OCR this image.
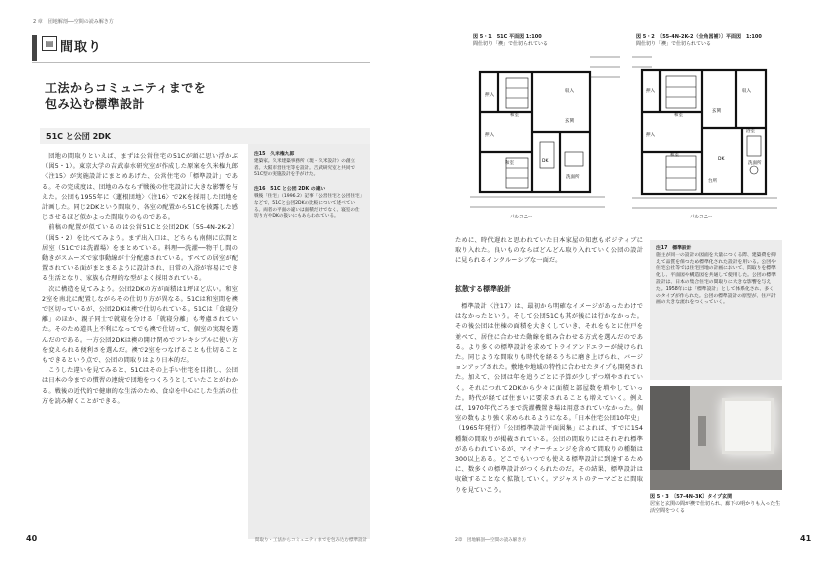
2 章　団地解剖──空間の読み解き方
▤ 間取り
工法からコミュニティまでを
包み込む標準設計
51C と公団 2DK

団地の間取りといえば、まずは公営住宅の51Cが頭に思い浮かぶ（図5・1）。東京大学の吉武泰水研究室が作成した原案を久米権九郎〈注15〉が実施設計にまとめあげた、公営住宅の「標準設計」である。その完成度は、団地のみならず戦後の住宅設計に大きな影響を与えた。公団も1955年に〈蓮根団地〉〈注16〉で2Kを採用した団地を計画した。同じ2DKという間取り、各室の配置から51Cを披露した感じさせるほど似かよった間取りのものである。

前稿の配置が似ているのは公営51Cと公団2DK〔55-4N-2K-2〕（図5・2）を比べてみよう。まず出入口は、どちらも南側に広間と居室（51Cでは洗濯場）をまとめている。料理──洗濯──物干し間の動きがスムーズで家事動線が十分配慮されている。すべての居室が配置されている面がまとまるように設計され、日常の入浴が容易にできる生活となり、家族も合理的な型がよく採用されている。

次に構造を見てみよう。公団2DKの方が面積は1坪ほど広い。和室2室を南北に配置しながらその仕切り方が異なる。51Cは和室間を襖で区切っているが、公団2DKは襖で仕切られている。51Cは「食寝分離」のほか、親子同士で就寝を分ける「就寝分離」も考慮されていた。そのため道具上不利になってでも襖で仕切って、個室の実現を選んだのである。一方公団2DKは襖の開け閉めでフレキシブルに使い方を変えられる便利さを選んだ。襖で2室をつなげることも仕切ることもできるという点で、公団の間取りはより日本的だ。

こうした違いを見てみると、51Cはその上手い住宅を目指し、公団は日本の今までの慣習の連続で団地をつくろうとしていたことがわかる。戦後の近代的で健康的な生活のため、食卓を中心にした生活の仕方を読み解くことができる。

注15　久米権九郎
建築家。久米建築事務所（現・久米設計）の創立者。大阪市営住宅等を設計。吉武研究室と共同で51C型の実施設計を手がけた。

注16　51C と公団 2DK の違い
戦後「住宅」（1996.2）記事「公営住宅と公団住宅」などで、51Cと公団2DKの比較について述べている。両者の平面の違いは面積だけでなく、寝室の仕切り方やDKの扱いにもあらわれている。

40	間取り・工法からコミュニティまでを包み込む標準設計
図 5・1　51C 平面図 1:100
間仕切り「襖」で仕切られている
図 5・2　〔55-4N-2K-2（全角図補）〕平面図　1:100
間仕切り「襖」で仕切られている
押入
和室
押入
和室
収入
玄関
DK
洗面所
バルコニー
押入
和室
押入
和室
収入
玄関
DK
浴室
洗面所
台所
バルコニー
ために、時代遅れと思われていた日本家屋の知恵もポジティブに取り入れた。良いものならばどんどん取り入れていく公団の設計に見られるインクルーシブな一面だ。
拡散する標準設計
標準設計〈注17〉は、最初から明確なイメージがあったわけではなかったという。そして公団51Cも其が後には行かなかった。その後公団は住棟の面積を大きくしていき、それをもとに住戸を並べて、居住に合わせた動線を組み合わせる方式を選んだのである。より多くの標準設計を求めてトライアンドエラーが続けられた。同じような間取りも時代を経るうちに磨き上げられ、バージョンアップされた。敷地や地域の特性に合わせたタイプも開発された。加えて、公団は年を追うごとに予算が少しずつ増やされていく。それにつれて2DKから少々に面積と部屋数を増やしていった。時代が経てば住まいに要求されることも増えていく。例えば、1970年代ごろまで洗濯機置き場は用意されていなかった。個室の数もより強く求められるようになる。「日本住宅公団10年史」（1965年発行）「公団標準設計平面図集」によれば、すでに154種類の間取りが掲載されている。公団の間取りにはそれぞれ標準があらわれているが、マイナーチェンジを含めて間取りの種類は300以上ある。どこでもいつでも使える標準設計に到達するために、数多くの標準設計がつくられたのだ。その結果、標準設計は収斂することなく拡散していく。アジャストのテーマごとに間取りを見ていこう。

注17　標準設計
施主が同一の設計の図面を大量につくる際、建築費を抑えて品質を保つため標準化された設計を用いる。公団や住宅公社等では住宅団地の計画において、間取りを標準化し、平面図や構造図を共通して使用した。公団の標準設計は、日本の集合住宅の間取りに大きな影響を与えた。1958年には「標準設計」として体系化され、多くのタイプが作られた。公団の標準設計の原型が、住戸計画の大きな流れをつくっていく。

図 5・3　〔57-4N-3K〕タイプ玄関
居室と玄関の間が襖で仕切られ、廊下の明かりも入った生活空間をつくる
2章　団地解剖──空間の読み解き方	41
